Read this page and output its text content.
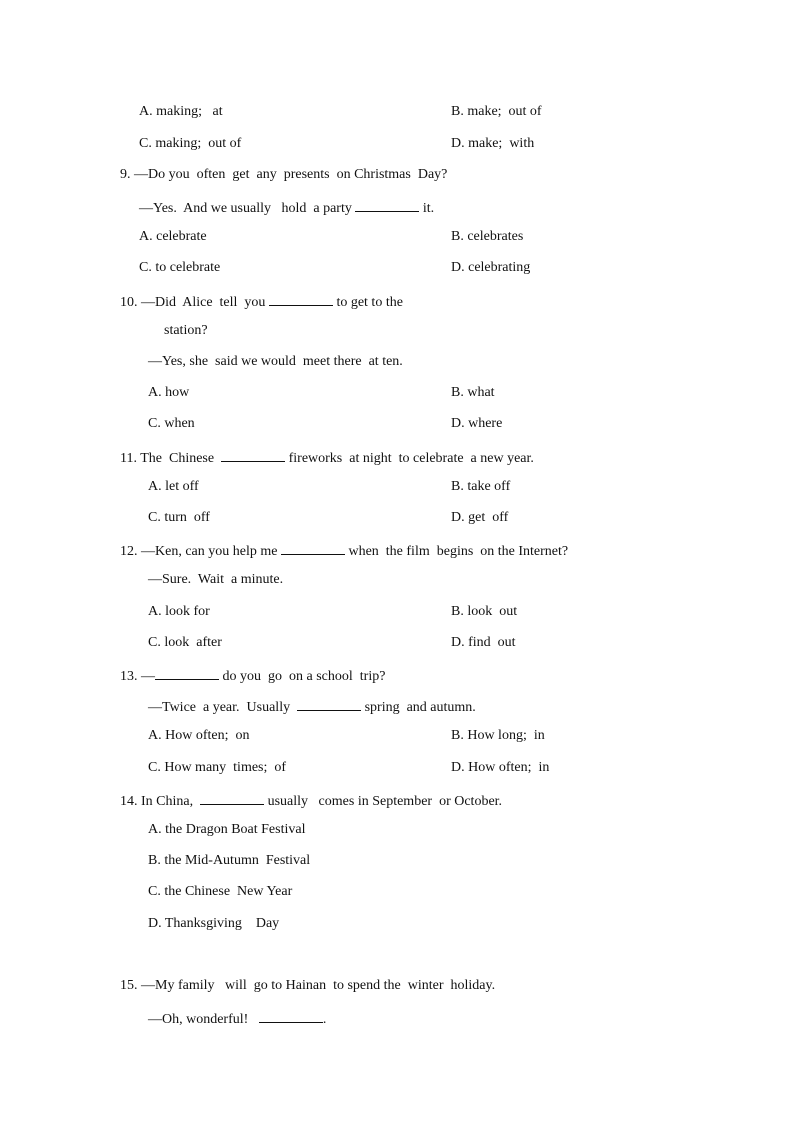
A. making;   at	B. make;  out of
C. making;  out of	D. make;  with
9. —Do you  often  get  any  presents  on Christmas  Day?
—Yes.  And we usually   hold  a party	it.
A. celebrate	B. celebrates
C. to celebrate	D. celebrating
10. —Did  Alice  tell  you	to get to the
station?
—Yes, she  said we would  meet there  at ten.
A. how	B. what
C. when	D. where
11. The  Chinese	fireworks  at night  to celebrate  a new year.
A. let off	B. take off
C. turn  off	D. get  off
12. —Ken, can you help me	when  the film  begins  on the Internet?
—Sure.  Wait  a minute.
A. look for	B. look  out
C. look  after	D. find  out
13. —	do you  go  on a school  trip?
—Twice  a year.  Usually	spring  and autumn.
A. How often;  on	B. How long;  in
C. How many  times;  of	D. How often;  in
14. In China,	usually   comes in September  or October.
A. the Dragon Boat Festival
B. the Mid-Autumn  Festival
C. the Chinese  New Year
D. Thanksgiving    Day
15. —My family   will  go to Hainan  to spend the  winter  holiday.
—Oh, wonderful!	.
